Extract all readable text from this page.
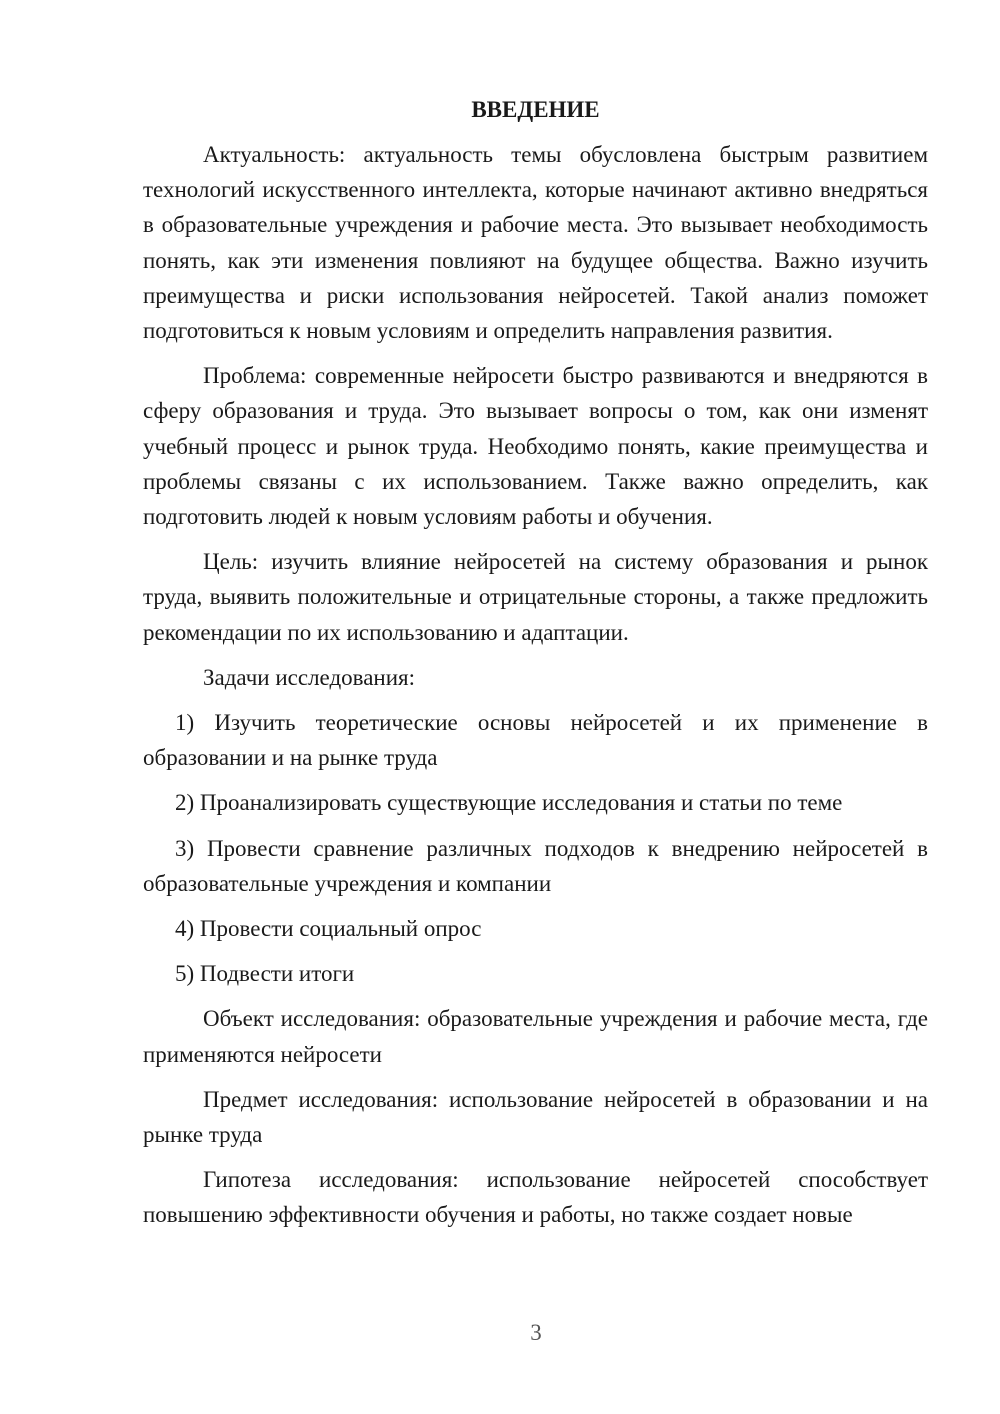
ВВЕДЕНИЕ

Актуальность: актуальность темы обусловлена быстрым развитием технологий искусственного интеллекта, которые начинают активно внедряться в образовательные учреждения и рабочие места. Это вызывает необходимость понять, как эти изменения повлияют на будущее общества. Важно изучить преимущества и риски использования нейросетей. Такой анализ поможет подготовиться к новым условиям и определить направления развития.

Проблема: современные нейросети быстро развиваются и внедряются в сферу образования и труда. Это вызывает вопросы о том, как они изменят учебный процесс и рынок труда. Необходимо понять, какие преимущества и проблемы связаны с их использованием. Также важно определить, как подготовить людей к новым условиям работы и обучения.

Цель: изучить влияние нейросетей на систему образования и рынок труда, выявить положительные и отрицательные стороны, а также предложить рекомендации по их использованию и адаптации.

Задачи исследования:

1) Изучить теоретические основы нейросетей и их применение в образовании и на рынке труда

2) Проанализировать существующие исследования и статьи по теме

3) Провести сравнение различных подходов к внедрению нейросетей в образовательные учреждения и компании

4) Провести социальный опрос

5) Подвести итоги

Объект исследования: образовательные учреждения и рабочие места, где применяются нейросети

Предмет исследования: использование нейросетей в образовании и на рынке труда

Гипотеза исследования: использование нейросетей способствует повышению эффективности обучения и работы, но также создает новые

3
